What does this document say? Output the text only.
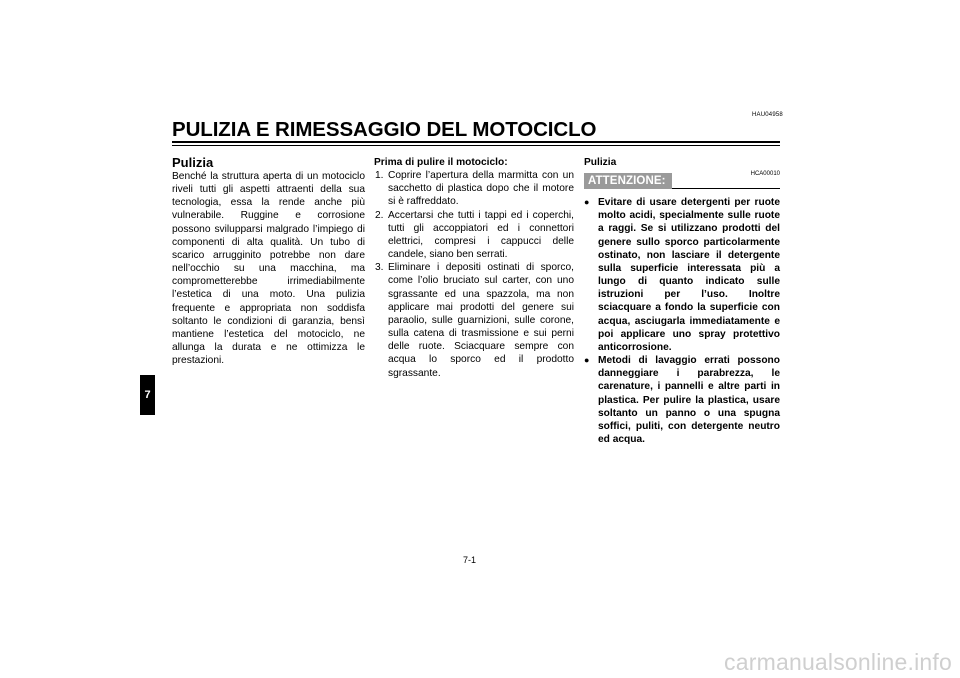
HAU04958
PULIZIA E RIMESSAGGIO DEL MOTOCICLO
7
Pulizia

Benché la struttura aperta di un motociclo riveli tutti gli aspetti attraenti della sua tecnologia, essa la rende anche più vulnerabile. Ruggine e corrosione possono svilupparsi malgrado l’impiego di componenti di alta qualità. Un tubo di scarico arrugginito potrebbe non dare nell’occhio su una macchina, ma comprometterebbe irrimediabilmente l’estetica di una moto. Una pulizia frequente e appropriata non soddisfa soltanto le condizioni di garanzia, bensì mantiene l’estetica del motociclo, ne allunga la durata e ne ottimizza le prestazioni.

Prima di pulire il motociclo:

1. Coprire l’apertura della marmitta con un sacchetto di plastica dopo che il motore si è raffreddato.
2. Accertarsi che tutti i tappi ed i coperchi, tutti gli accoppiatori ed i connettori elettrici, compresi i cappucci delle candele, siano ben serrati.
3. Eliminare i depositi ostinati di sporco, come l’olio bruciato sul carter, con uno sgrassante ed una spazzola, ma non applicare mai prodotti del genere sui paraolio, sulle guarnizioni, sulle corone, sulla catena di trasmissione e sui perni delle ruote. Sciacquare sempre con acqua lo sporco ed il prodotto sgrassante.

Pulizia

ATTENZIONE:
HCA00010
● Evitare di usare detergenti per ruote molto acidi, specialmente sulle ruote a raggi. Se si utilizzano prodotti del genere sullo sporco particolarmente ostinato, non lasciare il detergente sulla superficie interessata più a lungo di quanto indicato sulle istruzioni per l’uso. Inoltre sciacquare a fondo la superficie con acqua, asciugarla immediatamente e poi applicare uno spray protettivo anticorrosione.
● Metodi di lavaggio errati possono danneggiare i parabrezza, le carenature, i pannelli e altre parti in plastica. Per pulire la plastica, usare soltanto un panno o una spugna soffici, puliti, con detergente neutro ed acqua.
7-1
carmanualsonline.info
